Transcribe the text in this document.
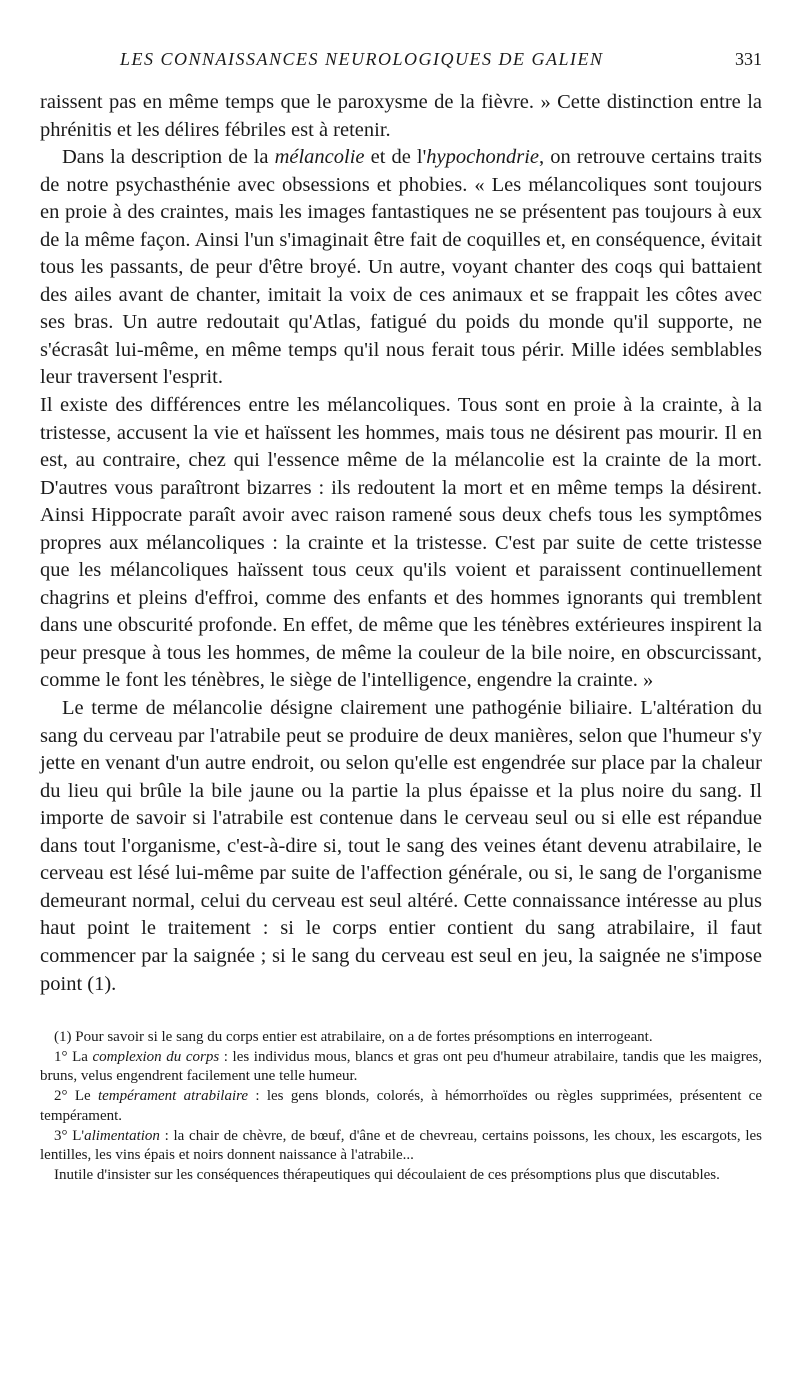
LES CONNAISSANCES NEUROLOGIQUES DE GALIEN	331

raissent pas en même temps que le paroxysme de la fièvre. » Cette distinction entre la phrénitis et les délires fébriles est à retenir.

Dans la description de la mélancolie et de l'hypochondrie, on retrouve certains traits de notre psychasthénie avec obsessions et phobies. « Les mélancoliques sont toujours en proie à des craintes, mais les images fantastiques ne se présentent pas toujours à eux de la même façon. Ainsi l'un s'imaginait être fait de coquilles et, en conséquence, évitait tous les passants, de peur d'être broyé. Un autre, voyant chanter des coqs qui battaient des ailes avant de chanter, imitait la voix de ces animaux et se frappait les côtes avec ses bras. Un autre redoutait qu'Atlas, fatigué du poids du monde qu'il supporte, ne s'écrasât lui-même, en même temps qu'il nous ferait tous périr. Mille idées semblables leur traversent l'esprit.

Il existe des différences entre les mélancoliques. Tous sont en proie à la crainte, à la tristesse, accusent la vie et haïssent les hommes, mais tous ne désirent pas mourir. Il en est, au contraire, chez qui l'essence même de la mélancolie est la crainte de la mort. D'autres vous paraîtront bizarres : ils redoutent la mort et en même temps la désirent. Ainsi Hippocrate paraît avoir avec raison ramené sous deux chefs tous les symptômes propres aux mélancoliques : la crainte et la tristesse. C'est par suite de cette tristesse que les mélancoliques haïssent tous ceux qu'ils voient et paraissent continuellement chagrins et pleins d'effroi, comme des enfants et des hommes ignorants qui tremblent dans une obscurité profonde. En effet, de même que les ténèbres extérieures inspirent la peur presque à tous les hommes, de même la couleur de la bile noire, en obscurcissant, comme le font les ténèbres, le siège de l'intelligence, engendre la crainte. »

Le terme de mélancolie désigne clairement une pathogénie biliaire. L'altération du sang du cerveau par l'atrabile peut se produire de deux manières, selon que l'humeur s'y jette en venant d'un autre endroit, ou selon qu'elle est engendrée sur place par la chaleur du lieu qui brûle la bile jaune ou la partie la plus épaisse et la plus noire du sang. Il importe de savoir si l'atrabile est contenue dans le cerveau seul ou si elle est répandue dans tout l'organisme, c'est-à-dire si, tout le sang des veines étant devenu atrabilaire, le cerveau est lésé lui-même par suite de l'affection générale, ou si, le sang de l'organisme demeurant normal, celui du cerveau est seul altéré. Cette connaissance intéresse au plus haut point le traitement : si le corps entier contient du sang atrabilaire, il faut commencer par la saignée ; si le sang du cerveau est seul en jeu, la saignée ne s'impose point (1).

(1) Pour savoir si le sang du corps entier est atrabilaire, on a de fortes présomptions en interrogeant.

1° La complexion du corps : les individus mous, blancs et gras ont peu d'humeur atrabilaire, tandis que les maigres, bruns, velus engendrent facilement une telle humeur.

2° Le tempérament atrabilaire : les gens blonds, colorés, à hémorrhoïdes ou règles supprimées, présentent ce tempérament.

3° L'alimentation : la chair de chèvre, de bœuf, d'âne et de chevreau, certains poissons, les choux, les escargots, les lentilles, les vins épais et noirs donnent naissance à l'atrabile...

Inutile d'insister sur les conséquences thérapeutiques qui découlaient de ces présomptions plus que discutables.
